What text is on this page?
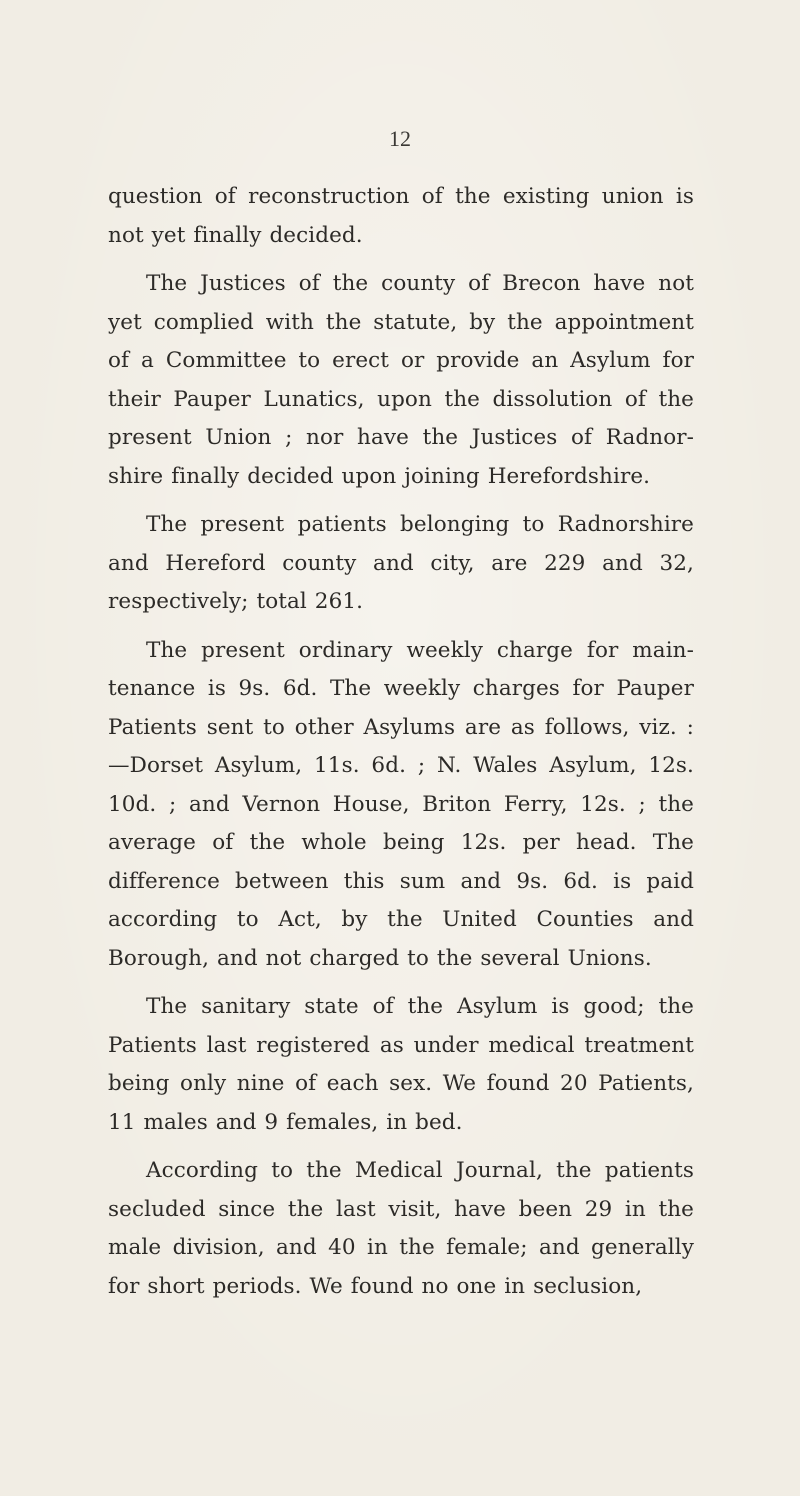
12

question of reconstruction of the existing union is not yet finally decided.

The Justices of the county of Brecon have not yet complied with the statute, by the appointment of a Committee to erect or provide an Asylum for their Pauper Lunatics, upon the dissolution of the present Union ; nor have the Justices of Radnor-shire finally decided upon joining Herefordshire.

The present patients belonging to Radnorshire and Hereford county and city, are 229 and 32, respectively; total 261.

The present ordinary weekly charge for main-tenance is 9s. 6d. The weekly charges for Pauper Patients sent to other Asylums are as follows, viz. :—Dorset Asylum, 11s. 6d. ; N. Wales Asylum, 12s. 10d. ; and Vernon House, Briton Ferry, 12s. ; the average of the whole being 12s. per head. The difference between this sum and 9s. 6d. is paid according to Act, by the United Counties and Borough, and not charged to the several Unions.

The sanitary state of the Asylum is good; the Patients last registered as under medical treatment being only nine of each sex. We found 20 Patients, 11 males and 9 females, in bed.

According to the Medical Journal, the patients secluded since the last visit, have been 29 in the male division, and 40 in the female; and generally for short periods. We found no one in seclusion,
